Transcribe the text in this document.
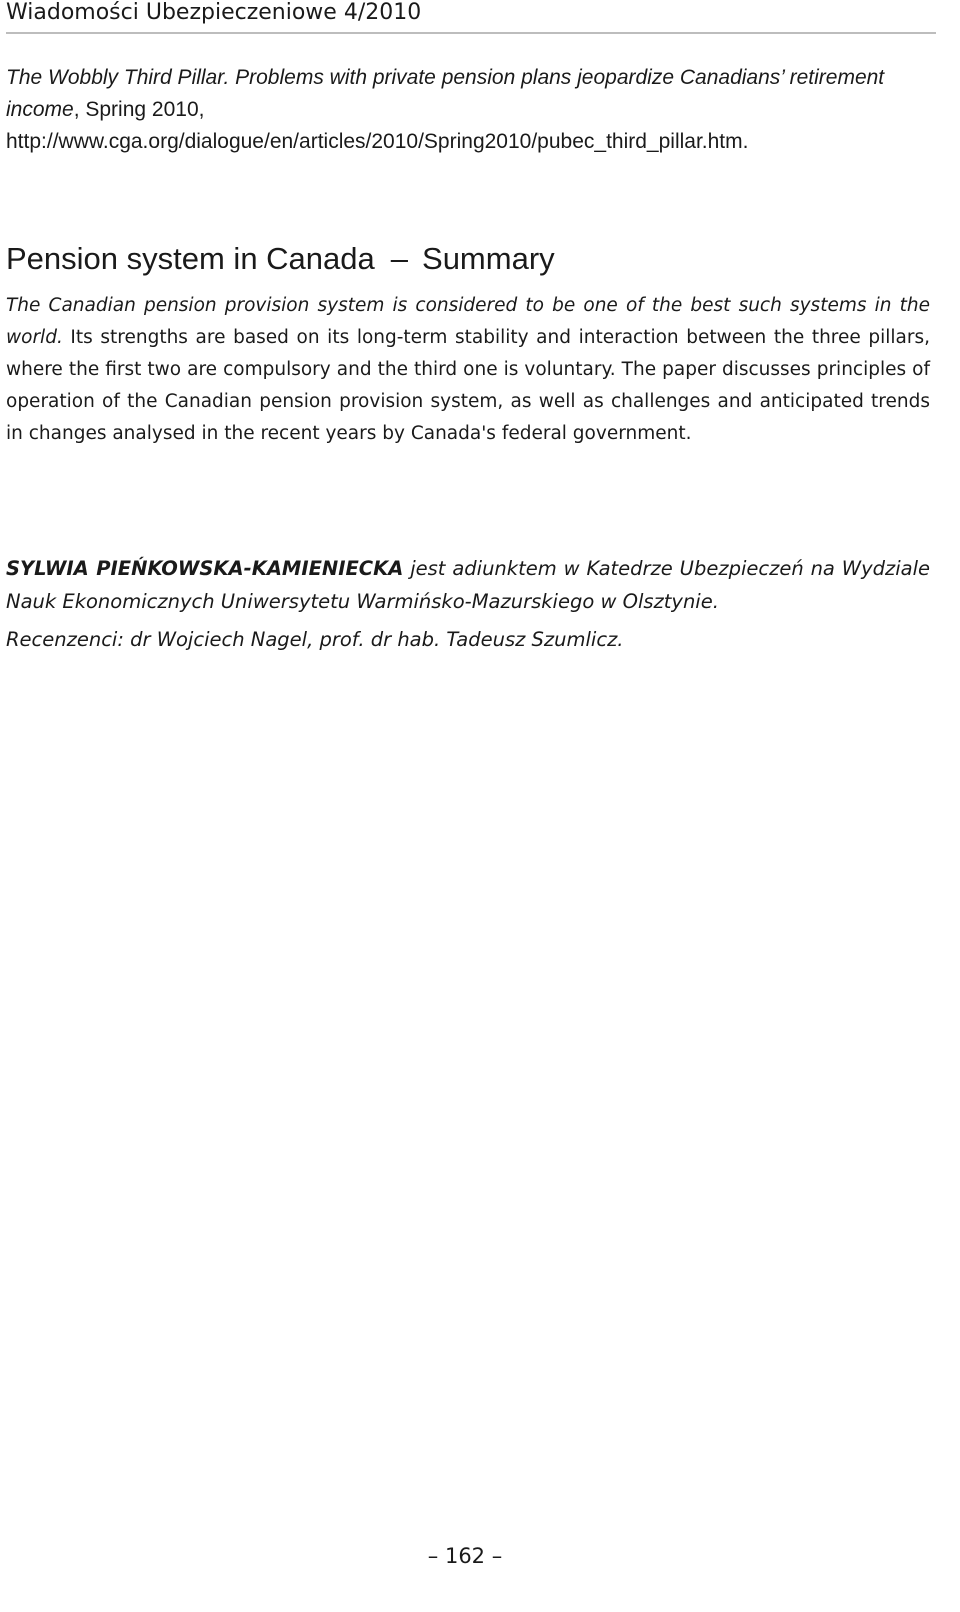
Wiadomości Ubezpieczeniowe 4/2010
The Wobbly Third Pillar. Problems with private pension plans jeopardize Canadians’ retirement income, Spring 2010, http://www.cga.org/dialogue/en/articles/2010/Spring2010/pubec_third_pillar.htm.
Pension system in Canada – Summary
The Canadian pension provision system is considered to be one of the best such systems in the world. Its strengths are based on its long-term stability and interaction between the three pillars, where the first two are compulsory and the third one is voluntary. The paper discusses principles of operation of the Canadian pension provision system, as well as challenges and anticipated trends in changes analysed in the recent years by Canada's federal government.
SYLWIA PIEŃKOWSKA-KAMIENIECKA jest adiunktem w Katedrze Ubezpieczeń na Wydziale Nauk Ekonomicznych Uniwersytetu Warmińsko-Mazurskiego w Olsztynie.
Recenzenci: dr Wojciech Nagel, prof. dr hab. Tadeusz Szumlicz.
– 162 –
